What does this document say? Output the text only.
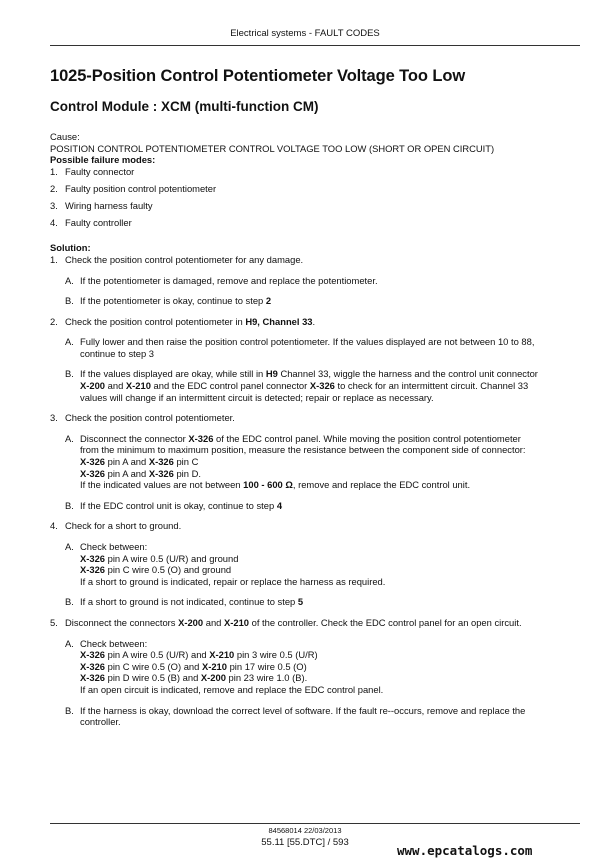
Electrical systems - FAULT CODES
1025-Position Control Potentiometer Voltage Too Low
Control Module : XCM (multi-function CM)

Cause:

POSITION CONTROL POTENTIOMETER CONTROL VOLTAGE TOO LOW (SHORT OR OPEN CIRCUIT)

Possible failure modes:

1. Faulty connector
2. Faulty position control potentiometer
3. Wiring harness faulty
4. Faulty controller

Solution:

1. Check the position control potentiometer for any damage.
A. If the potentiometer is damaged, remove and replace the potentiometer.
B. If the potentiometer is okay, continue to step 2
2. Check the position control potentiometer in H9, Channel 33.
A. Fully lower and then raise the position control potentiometer. If the values displayed are not between 10 to 88,
continue to step 3
B. If the values displayed are okay, while still in H9 Channel 33, wiggle the harness and the control unit connector
X-200 and X-210 and the EDC control panel connector X-326 to check for an intermittent circuit. Channel 33
values will change if an intermittent circuit is detected; repair or replace as necessary.
3. Check the position control potentiometer.
A. Disconnect the connector X-326 of the EDC control panel. While moving the position control potentiometer
from the minimum to maximum position, measure the resistance between the component side of connector:
X-326 pin A and X-326 pin C
X-326 pin A and X-326 pin D.
If the indicated values are not between 100 - 600 Ω, remove and replace the EDC control unit.
B. If the EDC control unit is okay, continue to step 4
4. Check for a short to ground.
A. Check between:
X-326 pin A wire 0.5 (U/R) and ground
X-326 pin C wire 0.5 (O) and ground
If a short to ground is indicated, repair or replace the harness as required.
B. If a short to ground is not indicated, continue to step 5
5. Disconnect the connectors X-200 and X-210 of the controller. Check the EDC control panel for an open circuit.
A. Check between:
X-326 pin A wire 0.5 (U/R) and X-210 pin 3 wire 0.5 (U/R)
X-326 pin C wire 0.5 (O) and X-210 pin 17 wire 0.5 (O)
X-326 pin D wire 0.5 (B) and X-200 pin 23 wire 1.0 (B).
If an open circuit is indicated, remove and replace the EDC control panel.
B. If the harness is okay, download the correct level of software. If the fault re--occurs, remove and replace the
controller.
84568014 22/03/2013
55.11 [55.DTC] / 593
www.epcatalogs.com
